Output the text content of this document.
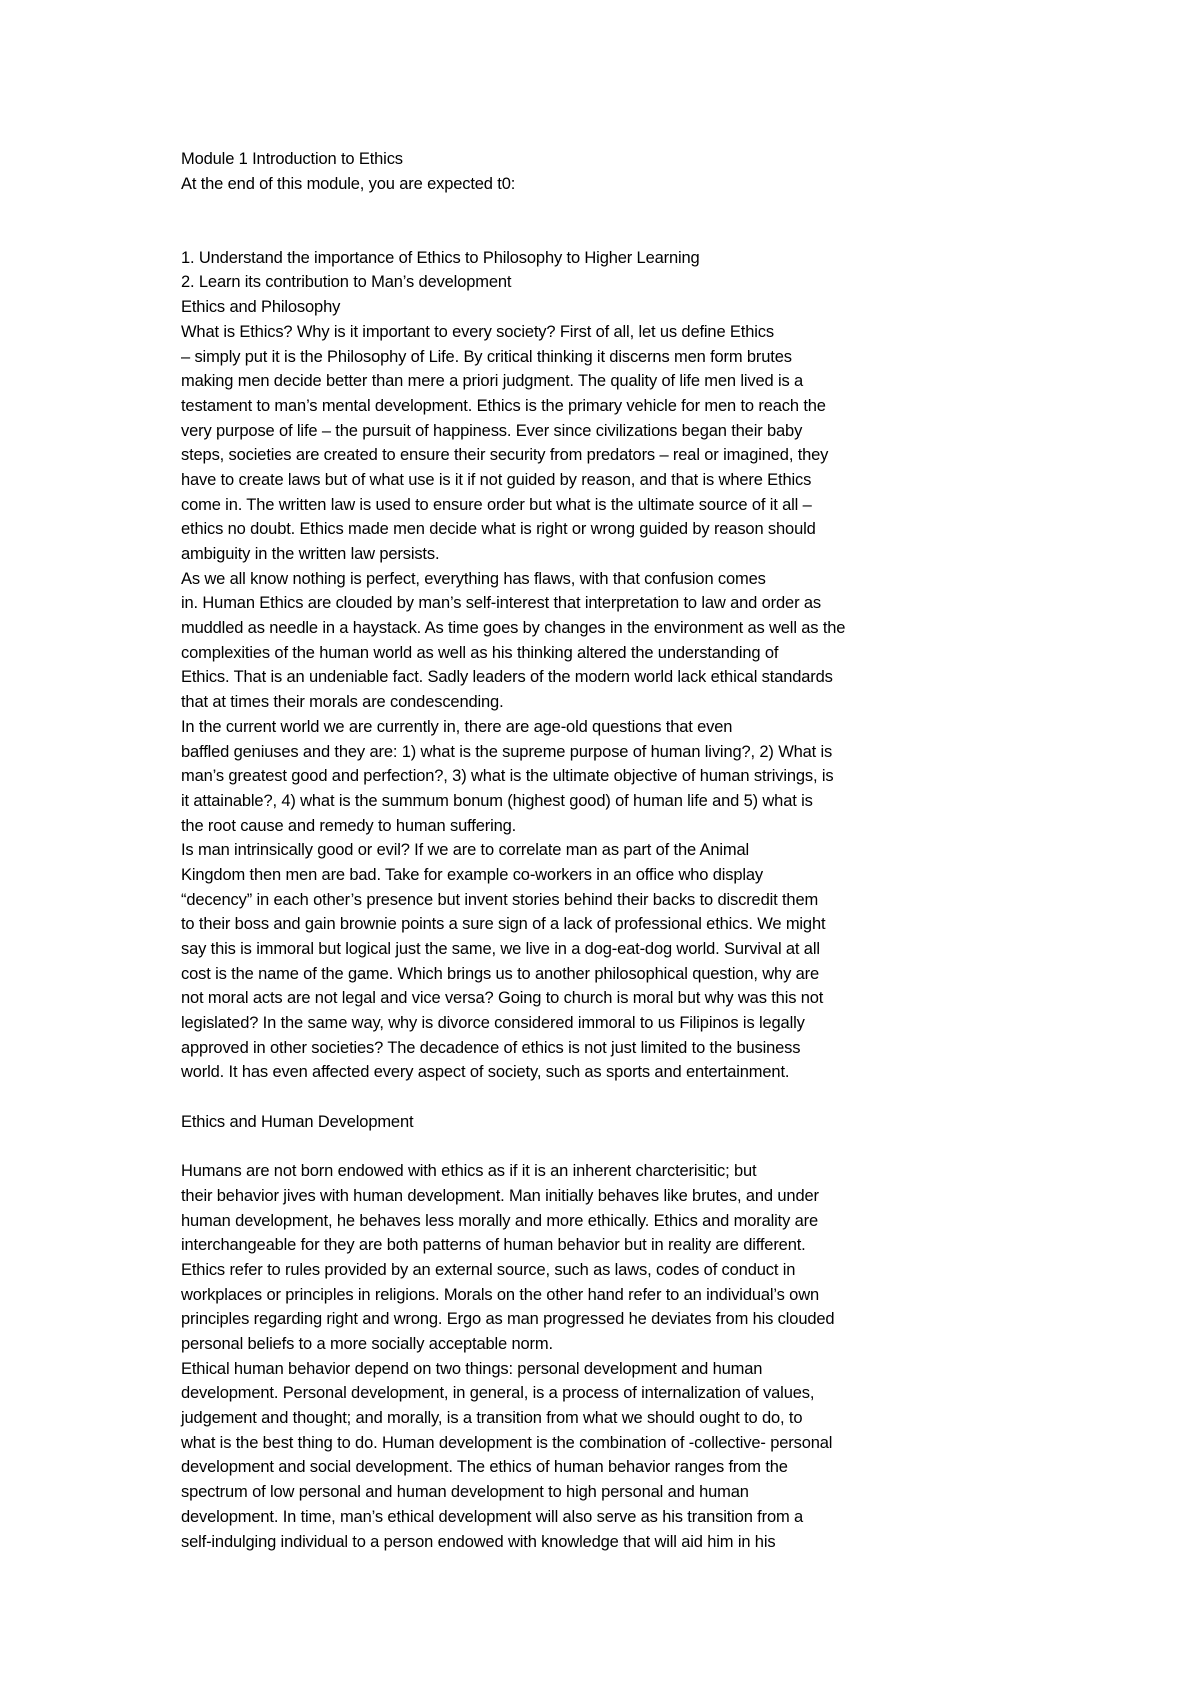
Module 1 Introduction to Ethics
At the end of this module, you are expected t0:
1. Understand the importance of Ethics to Philosophy to Higher Learning
2. Learn its contribution to Man’s development
Ethics and Philosophy
What is Ethics? Why is it important to every society? First of all, let us define Ethics
– simply put it is the Philosophy of Life. By critical thinking it discerns men form brutes
making men decide better than mere a priori judgment. The quality of life men lived is a
testament to man’s mental development. Ethics is the primary vehicle for men to reach the
very purpose of life – the pursuit of happiness. Ever since civilizations began their baby
steps, societies are created to ensure their security from predators – real or imagined, they
have to create laws but of what use is it if not guided by reason, and that is where Ethics
come in. The written law is used to ensure order but what is the ultimate source of it all –
ethics no doubt. Ethics made men decide what is right or wrong guided by reason should
ambiguity in the written law persists.
As we all know nothing is perfect, everything has flaws, with that confusion comes
in. Human Ethics are clouded by man’s self-interest that interpretation to law and order as
muddled as needle in a haystack. As time goes by changes in the environment as well as the
complexities of the human world as well as his thinking altered the understanding of
Ethics. That is an undeniable fact. Sadly leaders of the modern world lack ethical standards
that at times their morals are condescending.
In the current world we are currently in, there are age-old questions that even
baffled geniuses and they are: 1) what is the supreme purpose of human living?, 2) What is
man’s greatest good and perfection?, 3) what is the ultimate objective of human strivings, is
it attainable?, 4) what is the summum bonum (highest good) of human life and 5) what is
the root cause and remedy to human suffering.
Is man intrinsically good or evil? If we are to correlate man as part of the Animal
Kingdom then men are bad. Take for example co-workers in an office who display
“decency” in each other’s presence but invent stories behind their backs to discredit them
to their boss and gain brownie points a sure sign of a lack of professional ethics. We might
say this is immoral but logical just the same, we live in a dog-eat-dog world. Survival at all
cost is the name of the game. Which brings us to another philosophical question, why are
not moral acts are not legal and vice versa? Going to church is moral but why was this not
legislated? In the same way, why is divorce considered immoral to us Filipinos is legally
approved in other societies? The decadence of ethics is not just limited to the business
world. It has even affected every aspect of society, such as sports and entertainment.
Ethics and Human Development
Humans are not born endowed with ethics as if it is an inherent charcterisitic; but
their behavior jives with human development. Man initially behaves like brutes, and under
human development, he behaves less morally and more ethically. Ethics and morality are
interchangeable for they are both patterns of human behavior but in reality are different.
Ethics refer to rules provided by an external source, such as laws, codes of conduct in
workplaces or principles in religions. Morals on the other hand refer to an individual’s own
principles regarding right and wrong. Ergo as man progressed he deviates from his clouded
personal beliefs to a more socially acceptable norm.
Ethical human behavior depend on two things: personal development and human
development. Personal development, in general, is a process of internalization of values,
judgement and thought; and morally, is a transition from what we should ought to do, to
what is the best thing to do. Human development is the combination of -collective- personal
development and social development. The ethics of human behavior ranges from the
spectrum of low personal and human development to high personal and human
development. In time, man’s ethical development will also serve as his transition from a
self-indulging individual to a person endowed with knowledge that will aid him in his
